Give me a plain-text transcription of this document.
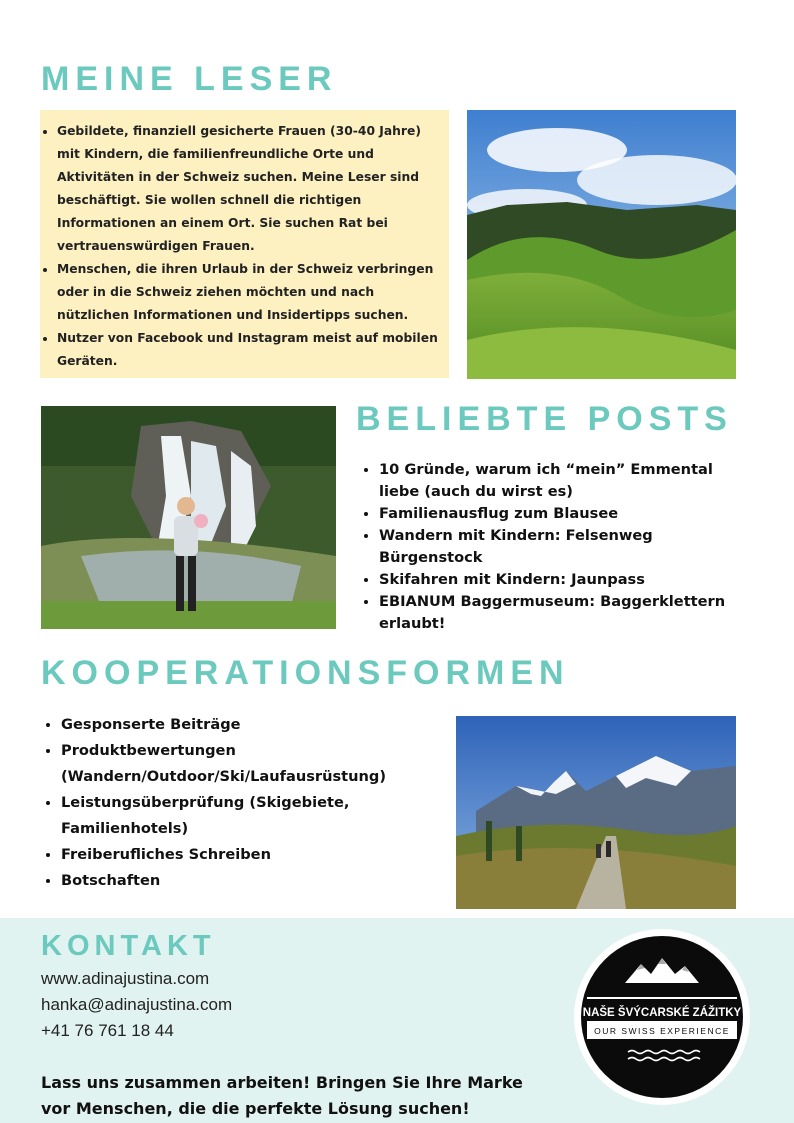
MEINE LESER
• Gebildete, finanziell gesicherte Frauen (30-40 Jahre) mit Kindern, die familienfreundliche Orte und Aktivitäten in der Schweiz suchen. Meine Leser sind beschäftigt. Sie wollen schnell die richtigen Informationen an einem Ort. Sie suchen Rat bei vertrauenswürdigen Frauen.
• Menschen, die ihren Urlaub in der Schweiz verbringen oder in die Schweiz ziehen möchten und nach nützlichen Informationen und Insidertipps suchen.
• Nutzer von Facebook und Instagram meist auf mobilen Geräten.
BELIEBTE POSTS
• 10 Gründe, warum ich “mein” Emmental liebe (auch du wirst es)
• Familienausflug zum Blausee
• Wandern mit Kindern: Felsenweg Bürgenstock
• Skifahren mit Kindern: Jaunpass
• EBIANUM Baggermuseum: Baggerklettern erlaubt!
KOOPERATIONSFORMEN
• Gesponserte Beiträge
• Produktbewertungen (Wandern/Outdoor/Ski/Laufausrüstung)
• Leistungsüberprüfung (Skigebiete, Familienhotels)
• Freiberufliches Schreiben
• Botschaften
KONTAKT
www.adinajustina.com
hanka@adinajustina.com
+41 76 761 18 44

Lass uns zusammen arbeiten! Bringen Sie Ihre Marke vor Menschen, die die perfekte Lösung suchen!

NAŠE ŠVÝCARSKÉ ZÁŽITKY
OUR SWISS EXPERIENCE
